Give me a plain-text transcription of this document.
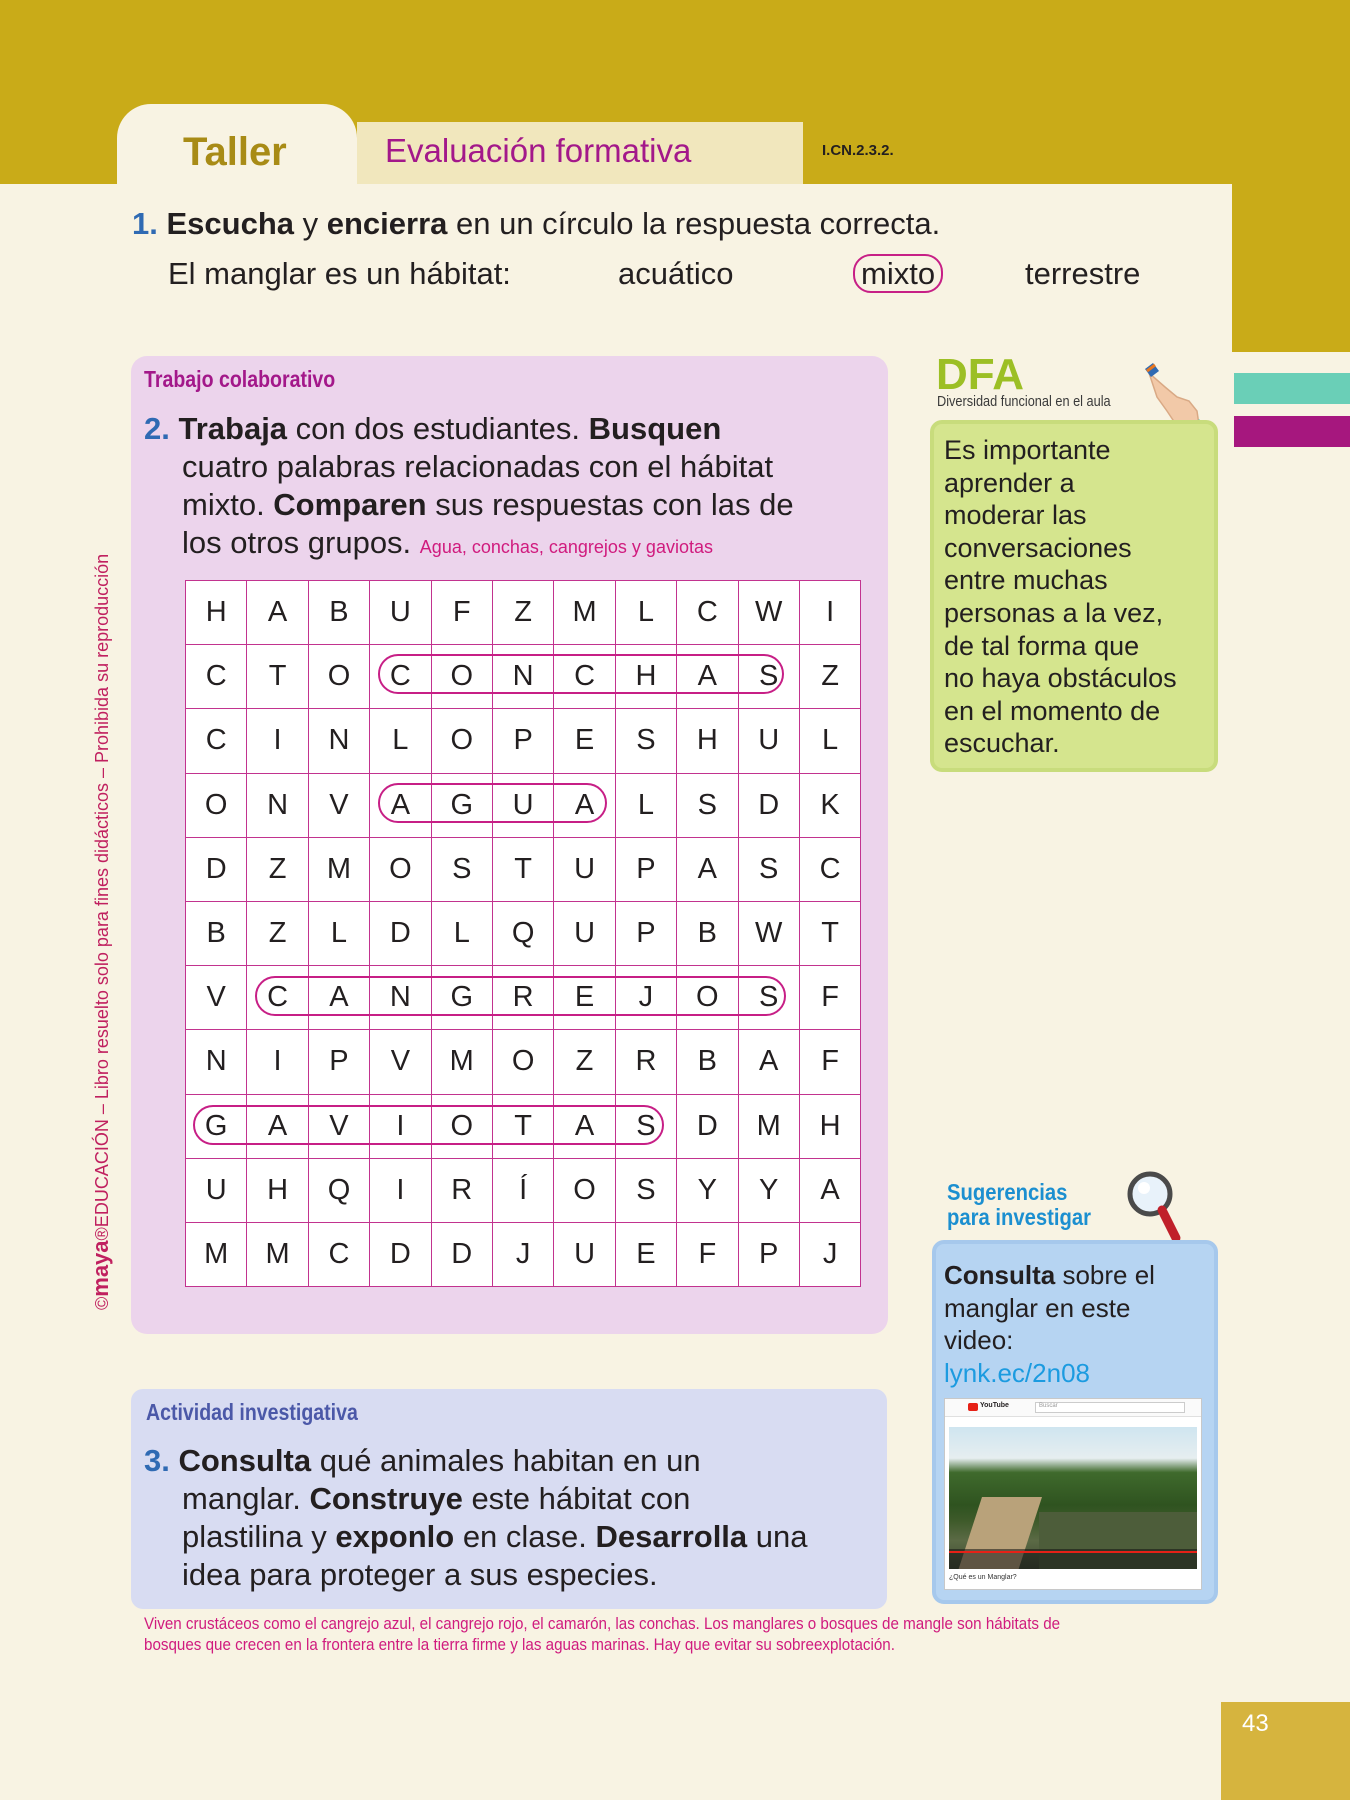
Taller	Evaluación formativa	I.CN.2.3.2.
1. Escucha y encierra en un círculo la respuesta correcta.
El manglar es un hábitat:	acuático	mixto	terrestre
Trabajo colaborativo
2. Trabaja con dos estudiantes. Busquen
cuatro palabras relacionadas con el hábitat
mixto. Comparen sus respuestas con las de
los otros grupos. Agua, conchas, cangrejos y gaviotas
H	A	B	U	F	Z	M	L	C	W	I
C	T	O	C	O	N	C	H	A	S	Z
C	I	N	L	O	P	E	S	H	U	L
O	N	V	A	G	U	A	L	S	D	K
D	Z	M	O	S	T	U	P	A	S	C
B	Z	L	D	L	Q	U	P	B	W	T
V	C	A	N	G	R	E	J	O	S	F
N	I	P	V	M	O	Z	R	B	A	F
G	A	V	I	O	T	A	S	D	M	H
U	H	Q	I	R	Í	O	S	Y	Y	A
M	M	C	D	D	J	U	E	F	P	J
DFA
Diversidad funcional en el aula
Es importante
aprender a
moderar las
conversaciones
entre muchas
personas a la vez,
de tal forma que
no haya obstáculos
en el momento de
escuchar.
Sugerencias
para investigar
Consulta sobre el
manglar en este
video:
lynk.ec/2n08
YouTube	Buscar
¿Qué es un Manglar?
Actividad investigativa
3. Consulta qué animales habitan en un
manglar. Construye este hábitat con
plastilina y exponlo en clase. Desarrolla una
idea para proteger a sus especies.
Viven crustáceos como el cangrejo azul, el cangrejo rojo, el camarón, las conchas. Los manglares o bosques de mangle son hábitats de
bosques que crecen en la frontera entre la tierra firme y las aguas marinas. Hay que evitar su sobreexplotación.
©maya®EDUCACIÓN – Libro resuelto solo para fines didácticos – Prohibida su reproducción
43
